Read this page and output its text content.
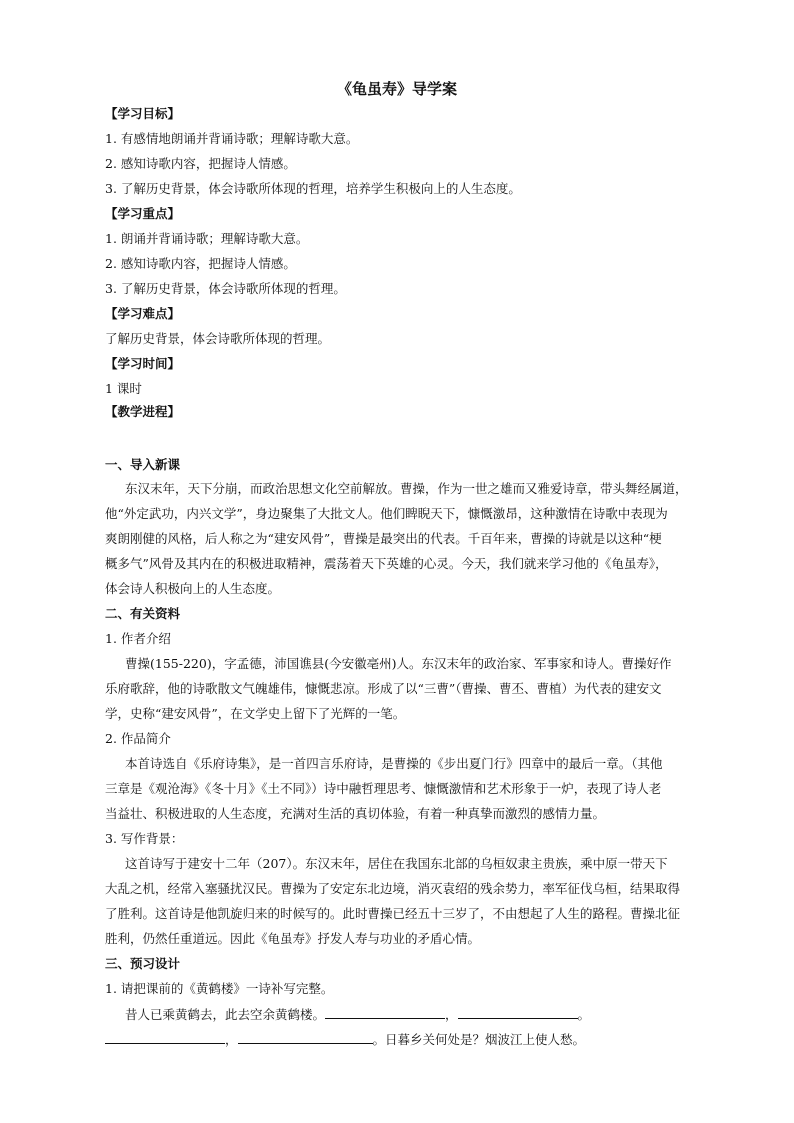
《龟虽寿》导学案
【学习目标】
1. 有感情地朗诵并背诵诗歌；理解诗歌大意。
2. 感知诗歌内容，把握诗人情感。
3. 了解历史背景，体会诗歌所体现的哲理，培养学生积极向上的人生态度。
【学习重点】
1. 朗诵并背诵诗歌；理解诗歌大意。
2. 感知诗歌内容，把握诗人情感。
3. 了解历史背景，体会诗歌所体现的哲理。
【学习难点】
了解历史背景，体会诗歌所体现的哲理。
【学习时间】
1 课时
【教学进程】
一、导入新课
东汉末年，天下分崩，而政治思想文化空前解放。曹操，作为一世之雄而又雅爱诗章，带头舞经属道，
他“外定武功，内兴文学”，身边聚集了大批文人。他们睥睨天下，慷慨激昂，这种激情在诗歌中表现为
爽朗刚健的风格，后人称之为“建安风骨”，曹操是最突出的代表。千百年来，曹操的诗就是以这种“梗
概多气”风骨及其内在的积极进取精神，震荡着天下英雄的心灵。今天，我们就来学习他的《龟虽寿》，
体会诗人积极向上的人生态度。
二、有关资料
1. 作者介绍
曹操(155-220)，字孟德，沛国谯县(今安徽亳州)人。东汉末年的政治家、军事家和诗人。曹操好作
乐府歌辞，他的诗歌散文气魄雄伟，慷慨悲凉。形成了以“三曹”（曹操、曹丕、曹植）为代表的建安文
学，史称“建安风骨”，在文学史上留下了光辉的一笔。
2. 作品简介
本首诗选自《乐府诗集》，是一首四言乐府诗，是曹操的《步出夏门行》四章中的最后一章。（其他
三章是《观沧海》《冬十月》《土不同》）诗中融哲理思考、慷慨激情和艺术形象于一炉，表现了诗人老
当益壮、积极进取的人生态度，充满对生活的真切体验，有着一种真挚而激烈的感情力量。
3. 写作背景：
这首诗写于建安十二年（207）。东汉末年，居住在我国东北部的乌桓奴隶主贵族，乘中原一带天下
大乱之机，经常入塞骚扰汉民。曹操为了安定东北边境，消灭袁绍的残余势力，率军征伐乌桓，结果取得
了胜利。这首诗是他凯旋归来的时候写的。此时曹操已经五十三岁了，不由想起了人生的路程。曹操北征
胜利，仍然任重道远。因此《龟虽寿》抒发人寿与功业的矛盾心情。
三、预习设计
1. 请把课前的《黄鹤楼》一诗补写完整。
昔人已乘黄鹤去，此去空余黄鹤楼。	，	。
，	。日暮乡关何处是？烟波江上使人愁。
